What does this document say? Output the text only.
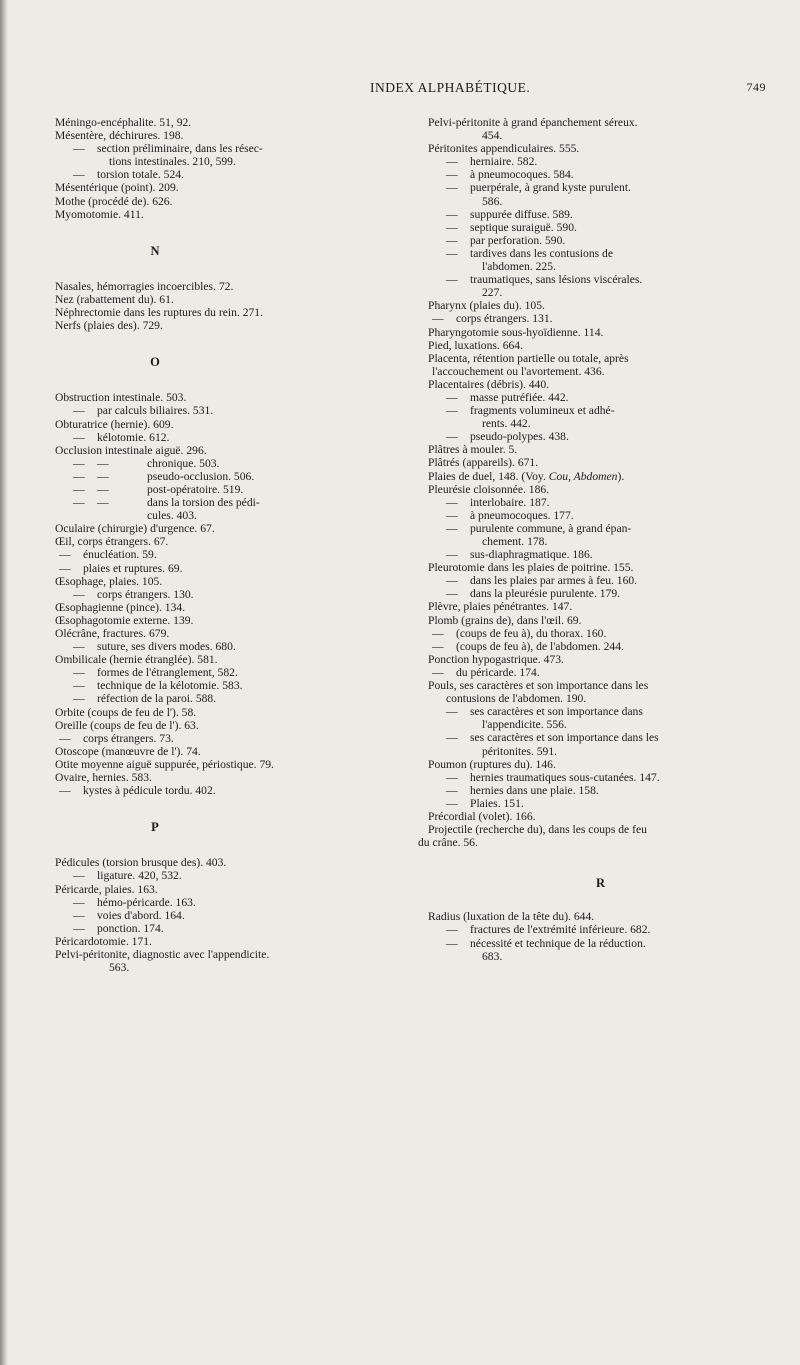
INDEX ALPHABÉTIQUE.	749

Méningo-encéphalite. 51, 92.

Mésentère, déchirures. 198.

— section préliminaire, dans les résec-

tions intestinales. 210, 599.

— torsion totale. 524.

Mésentérique (point). 209.

Mothe (procédé de). 626.

Myomotomie. 411.

N

Nasales, hémorragies incoercibles. 72.

Nez (rabattement du). 61.

Néphrectomie dans les ruptures du rein. 271.

Nerfs (plaies des). 729.

O

Obstruction intestinale. 503.

— par calculs biliaires. 531.

Obturatrice (hernie). 609.

— kélotomie. 612.

Occlusion intestinale aiguë. 296.

— —	chronique. 503.

— —	pseudo-occlusion. 506.

— —	post-opératoire. 519.

— —	dans la torsion des pédi-

cules. 403.

Oculaire (chirurgie) d'urgence. 67.

Œil, corps étrangers. 67.

— énucléation. 59.

— plaies et ruptures. 69.

Œsophage, plaies. 105.

— corps étrangers. 130.

Œsophagienne (pince). 134.

Œsophagotomie externe. 139.

Olécrâne, fractures. 679.

— suture, ses divers modes. 680.

Ombilicale (hernie étranglée). 581.

— formes de l'étranglement, 582.

— technique de la kélotomie. 583.

— réfection de la paroi. 588.

Orbite (coups de feu de l'). 58.

Oreille (coups de feu de l'). 63.

— corps étrangers. 73.

Otoscope (manœuvre de l'). 74.

Otite moyenne aiguë suppurée, périostique. 79.

Ovaire, hernies. 583.

— kystes à pédicule tordu. 402.

P

Pédicules (torsion brusque des). 403.

— ligature. 420, 532.

Péricarde, plaies. 163.

— hémo-péricarde. 163.

— voies d'abord. 164.

— ponction. 174.

Péricardotomie. 171.

Pelvi-péritonite, diagnostic avec l'appendicite.

563.

Pelvi-péritonite à grand épanchement séreux.

454.

Péritonites appendiculaires. 555.

— herniaire. 582.

— à pneumocoques. 584.

— puerpérale, à grand kyste purulent.

586.

— suppurée diffuse. 589.

— septique suraiguë. 590.

— par perforation. 590.

— tardives dans les contusions de

l'abdomen. 225.

— traumatiques, sans lésions viscérales.

227.

Pharynx (plaies du). 105.

— corps étrangers. 131.

Pharyngotomie sous-hyoïdienne. 114.

Pied, luxations. 664.

Placenta, rétention partielle ou totale, après

l'accouchement ou l'avortement. 436.

Placentaires (débris). 440.

— masse putréfiée. 442.

— fragments volumineux et adhé-

rents. 442.

— pseudo-polypes. 438.

Plâtres à mouler. 5.

Plâtrés (appareils). 671.

Plaies de duel, 148. (Voy. Cou, Abdomen).

Pleurésie cloisonnée. 186.

— interlobaire. 187.

— à pneumocoques. 177.

— purulente commune, à grand épan-

chement. 178.

— sus-diaphragmatique. 186.

Pleurotomie dans les plaies de poitrine. 155.

— dans les plaies par armes à feu. 160.

— dans la pleurésie purulente. 179.

Plèvre, plaies pénétrantes. 147.

Plomb (grains de), dans l'œil. 69.

— (coups de feu à), du thorax. 160.

— (coups de feu à), de l'abdomen. 244.

Ponction hypogastrique. 473.

— du péricarde. 174.

Pouls, ses caractères et son importance dans les

contusions de l'abdomen. 190.

— ses caractères et son importance dans

l'appendicite. 556.

— ses caractères et son importance dans les

péritonites. 591.

Poumon (ruptures du). 146.

— hernies traumatiques sous-cutanées. 147.

— hernies dans une plaie. 158.

— Plaies. 151.

Précordial (volet). 166.

Projectile (recherche du), dans les coups de feu

du crâne. 56.

R

Radius (luxation de la tête du). 644.

— fractures de l'extrémité inférieure. 682.

— nécessité et technique de la réduction.

683.
